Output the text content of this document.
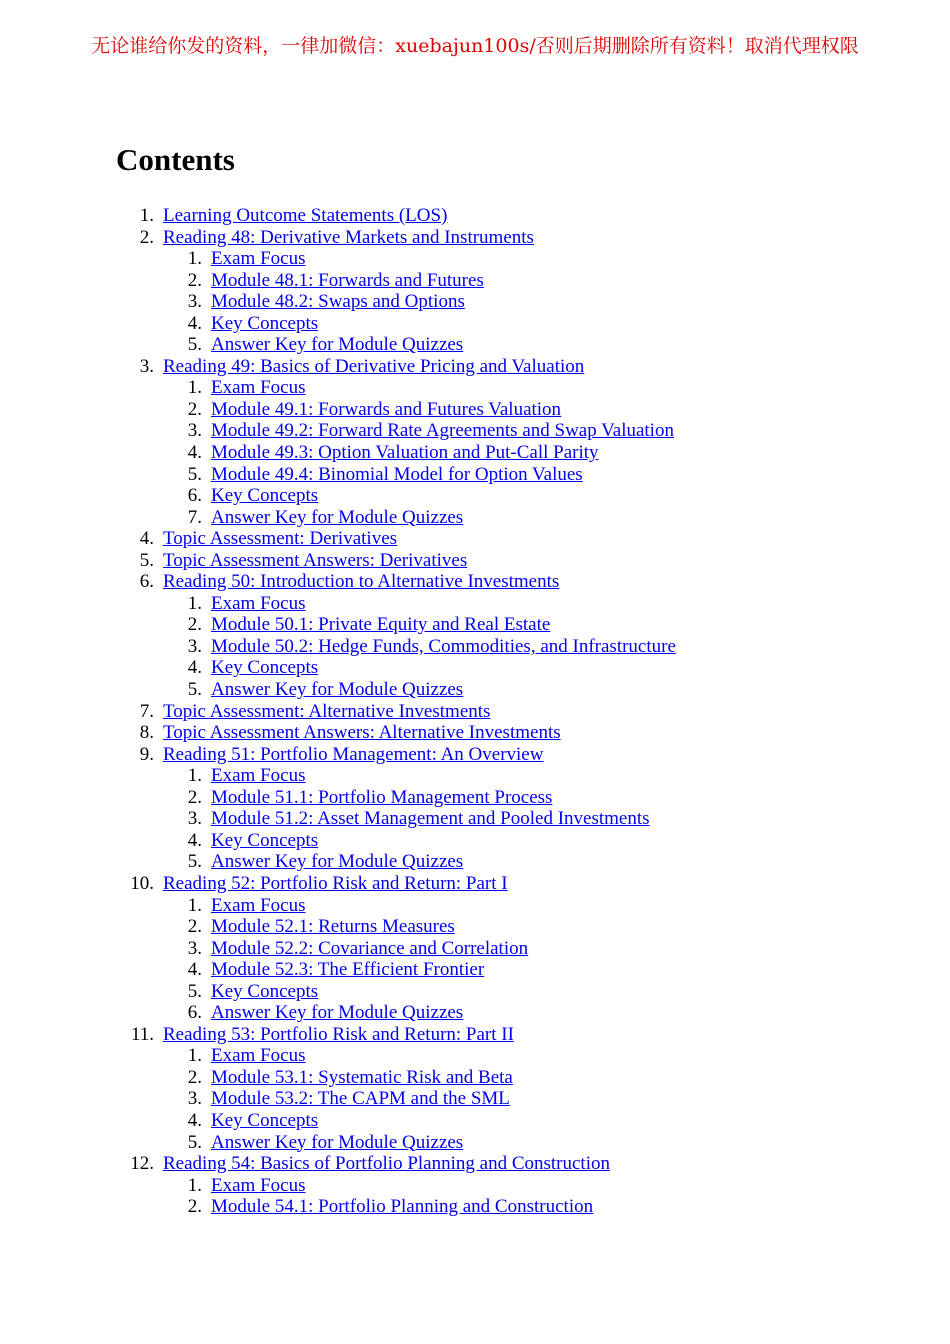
无论谁给你发的资料，一律加微信：xuebajun100s/否则后期删除所有资料！取消代理权限
Contents
1. Learning Outcome Statements (LOS)
2. Reading 48: Derivative Markets and Instruments
1. Exam Focus
2. Module 48.1: Forwards and Futures
3. Module 48.2: Swaps and Options
4. Key Concepts
5. Answer Key for Module Quizzes
3. Reading 49: Basics of Derivative Pricing and Valuation
1. Exam Focus
2. Module 49.1: Forwards and Futures Valuation
3. Module 49.2: Forward Rate Agreements and Swap Valuation
4. Module 49.3: Option Valuation and Put-Call Parity
5. Module 49.4: Binomial Model for Option Values
6. Key Concepts
7. Answer Key for Module Quizzes
4. Topic Assessment: Derivatives
5. Topic Assessment Answers: Derivatives
6. Reading 50: Introduction to Alternative Investments
1. Exam Focus
2. Module 50.1: Private Equity and Real Estate
3. Module 50.2: Hedge Funds, Commodities, and Infrastructure
4. Key Concepts
5. Answer Key for Module Quizzes
7. Topic Assessment: Alternative Investments
8. Topic Assessment Answers: Alternative Investments
9. Reading 51: Portfolio Management: An Overview
1. Exam Focus
2. Module 51.1: Portfolio Management Process
3. Module 51.2: Asset Management and Pooled Investments
4. Key Concepts
5. Answer Key for Module Quizzes
10. Reading 52: Portfolio Risk and Return: Part I
1. Exam Focus
2. Module 52.1: Returns Measures
3. Module 52.2: Covariance and Correlation
4. Module 52.3: The Efficient Frontier
5. Key Concepts
6. Answer Key for Module Quizzes
11. Reading 53: Portfolio Risk and Return: Part II
1. Exam Focus
2. Module 53.1: Systematic Risk and Beta
3. Module 53.2: The CAPM and the SML
4. Key Concepts
5. Answer Key for Module Quizzes
12. Reading 54: Basics of Portfolio Planning and Construction
1. Exam Focus
2. Module 54.1: Portfolio Planning and Construction
